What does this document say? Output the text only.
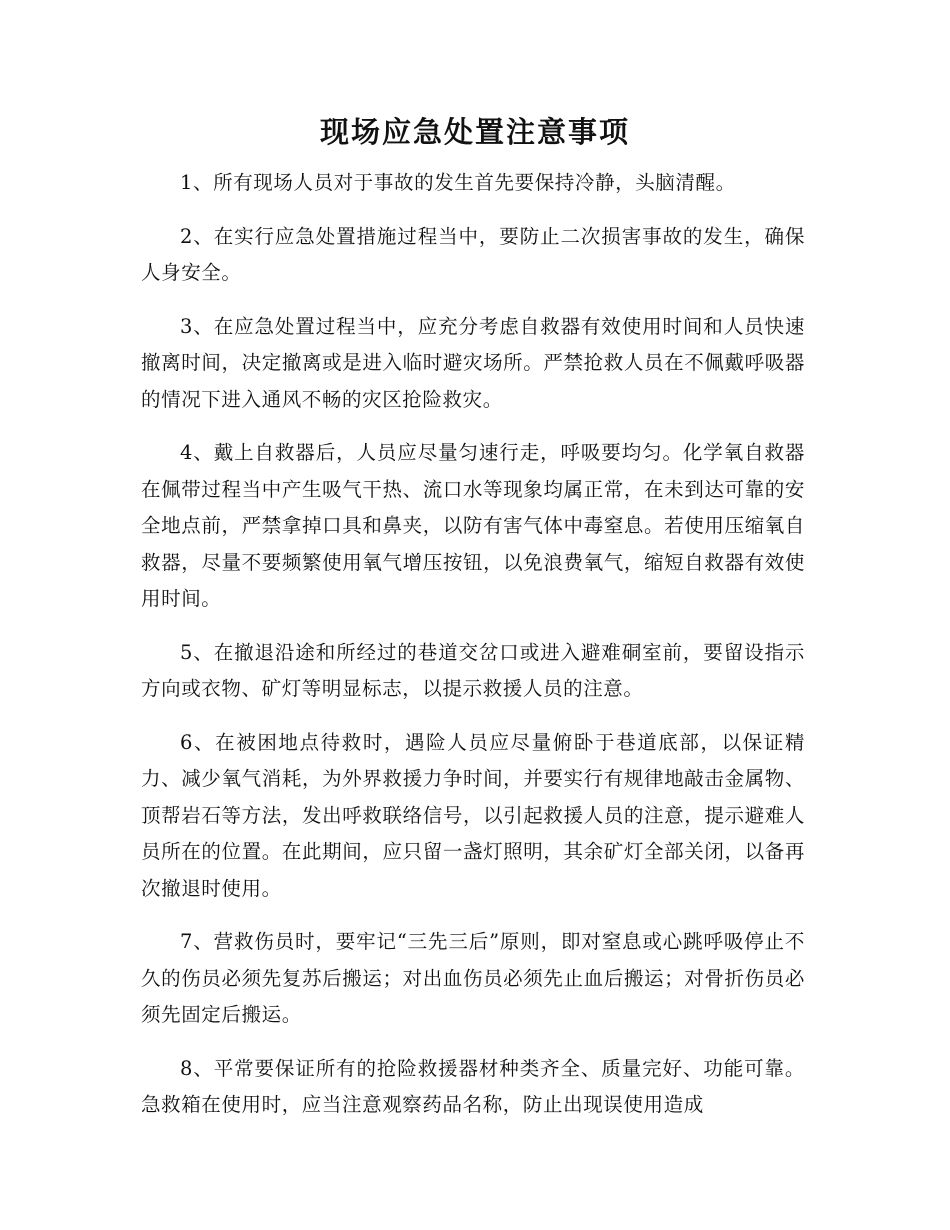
现场应急处置注意事项

1、所有现场人员对于事故的发生首先要保持冷静，头脑清醒。

2、在实行应急处置措施过程当中，要防止二次损害事故的发生，确保人身安全。

3、在应急处置过程当中，应充分考虑自救器有效使用时间和人员快速撤离时间，决定撤离或是进入临时避灾场所。严禁抢救人员在不佩戴呼吸器的情况下进入通风不畅的灾区抢险救灾。

4、戴上自救器后，人员应尽量匀速行走，呼吸要均匀。化学氧自救器在佩带过程当中产生吸气干热、流口水等现象均属正常，在未到达可靠的安全地点前，严禁拿掉口具和鼻夹，以防有害气体中毒窒息。若使用压缩氧自救器，尽量不要频繁使用氧气增压按钮，以免浪费氧气，缩短自救器有效使用时间。

5、在撤退沿途和所经过的巷道交岔口或进入避难硐室前，要留设指示方向或衣物、矿灯等明显标志，以提示救援人员的注意。

6、在被困地点待救时，遇险人员应尽量俯卧于巷道底部，以保证精力、减少氧气消耗，为外界救援力争时间，并要实行有规律地敲击金属物、顶帮岩石等方法，发出呼救联络信号，以引起救援人员的注意，提示避难人员所在的位置。在此期间，应只留一盏灯照明，其余矿灯全部关闭，以备再次撤退时使用。

7、营救伤员时，要牢记“三先三后”原则，即对窒息或心跳呼吸停止不久的伤员必须先复苏后搬运；对出血伤员必须先止血后搬运；对骨折伤员必须先固定后搬运。

8、平常要保证所有的抢险救援器材种类齐全、质量完好、功能可靠。急救箱在使用时，应当注意观察药品名称，防止出现误使用造成
